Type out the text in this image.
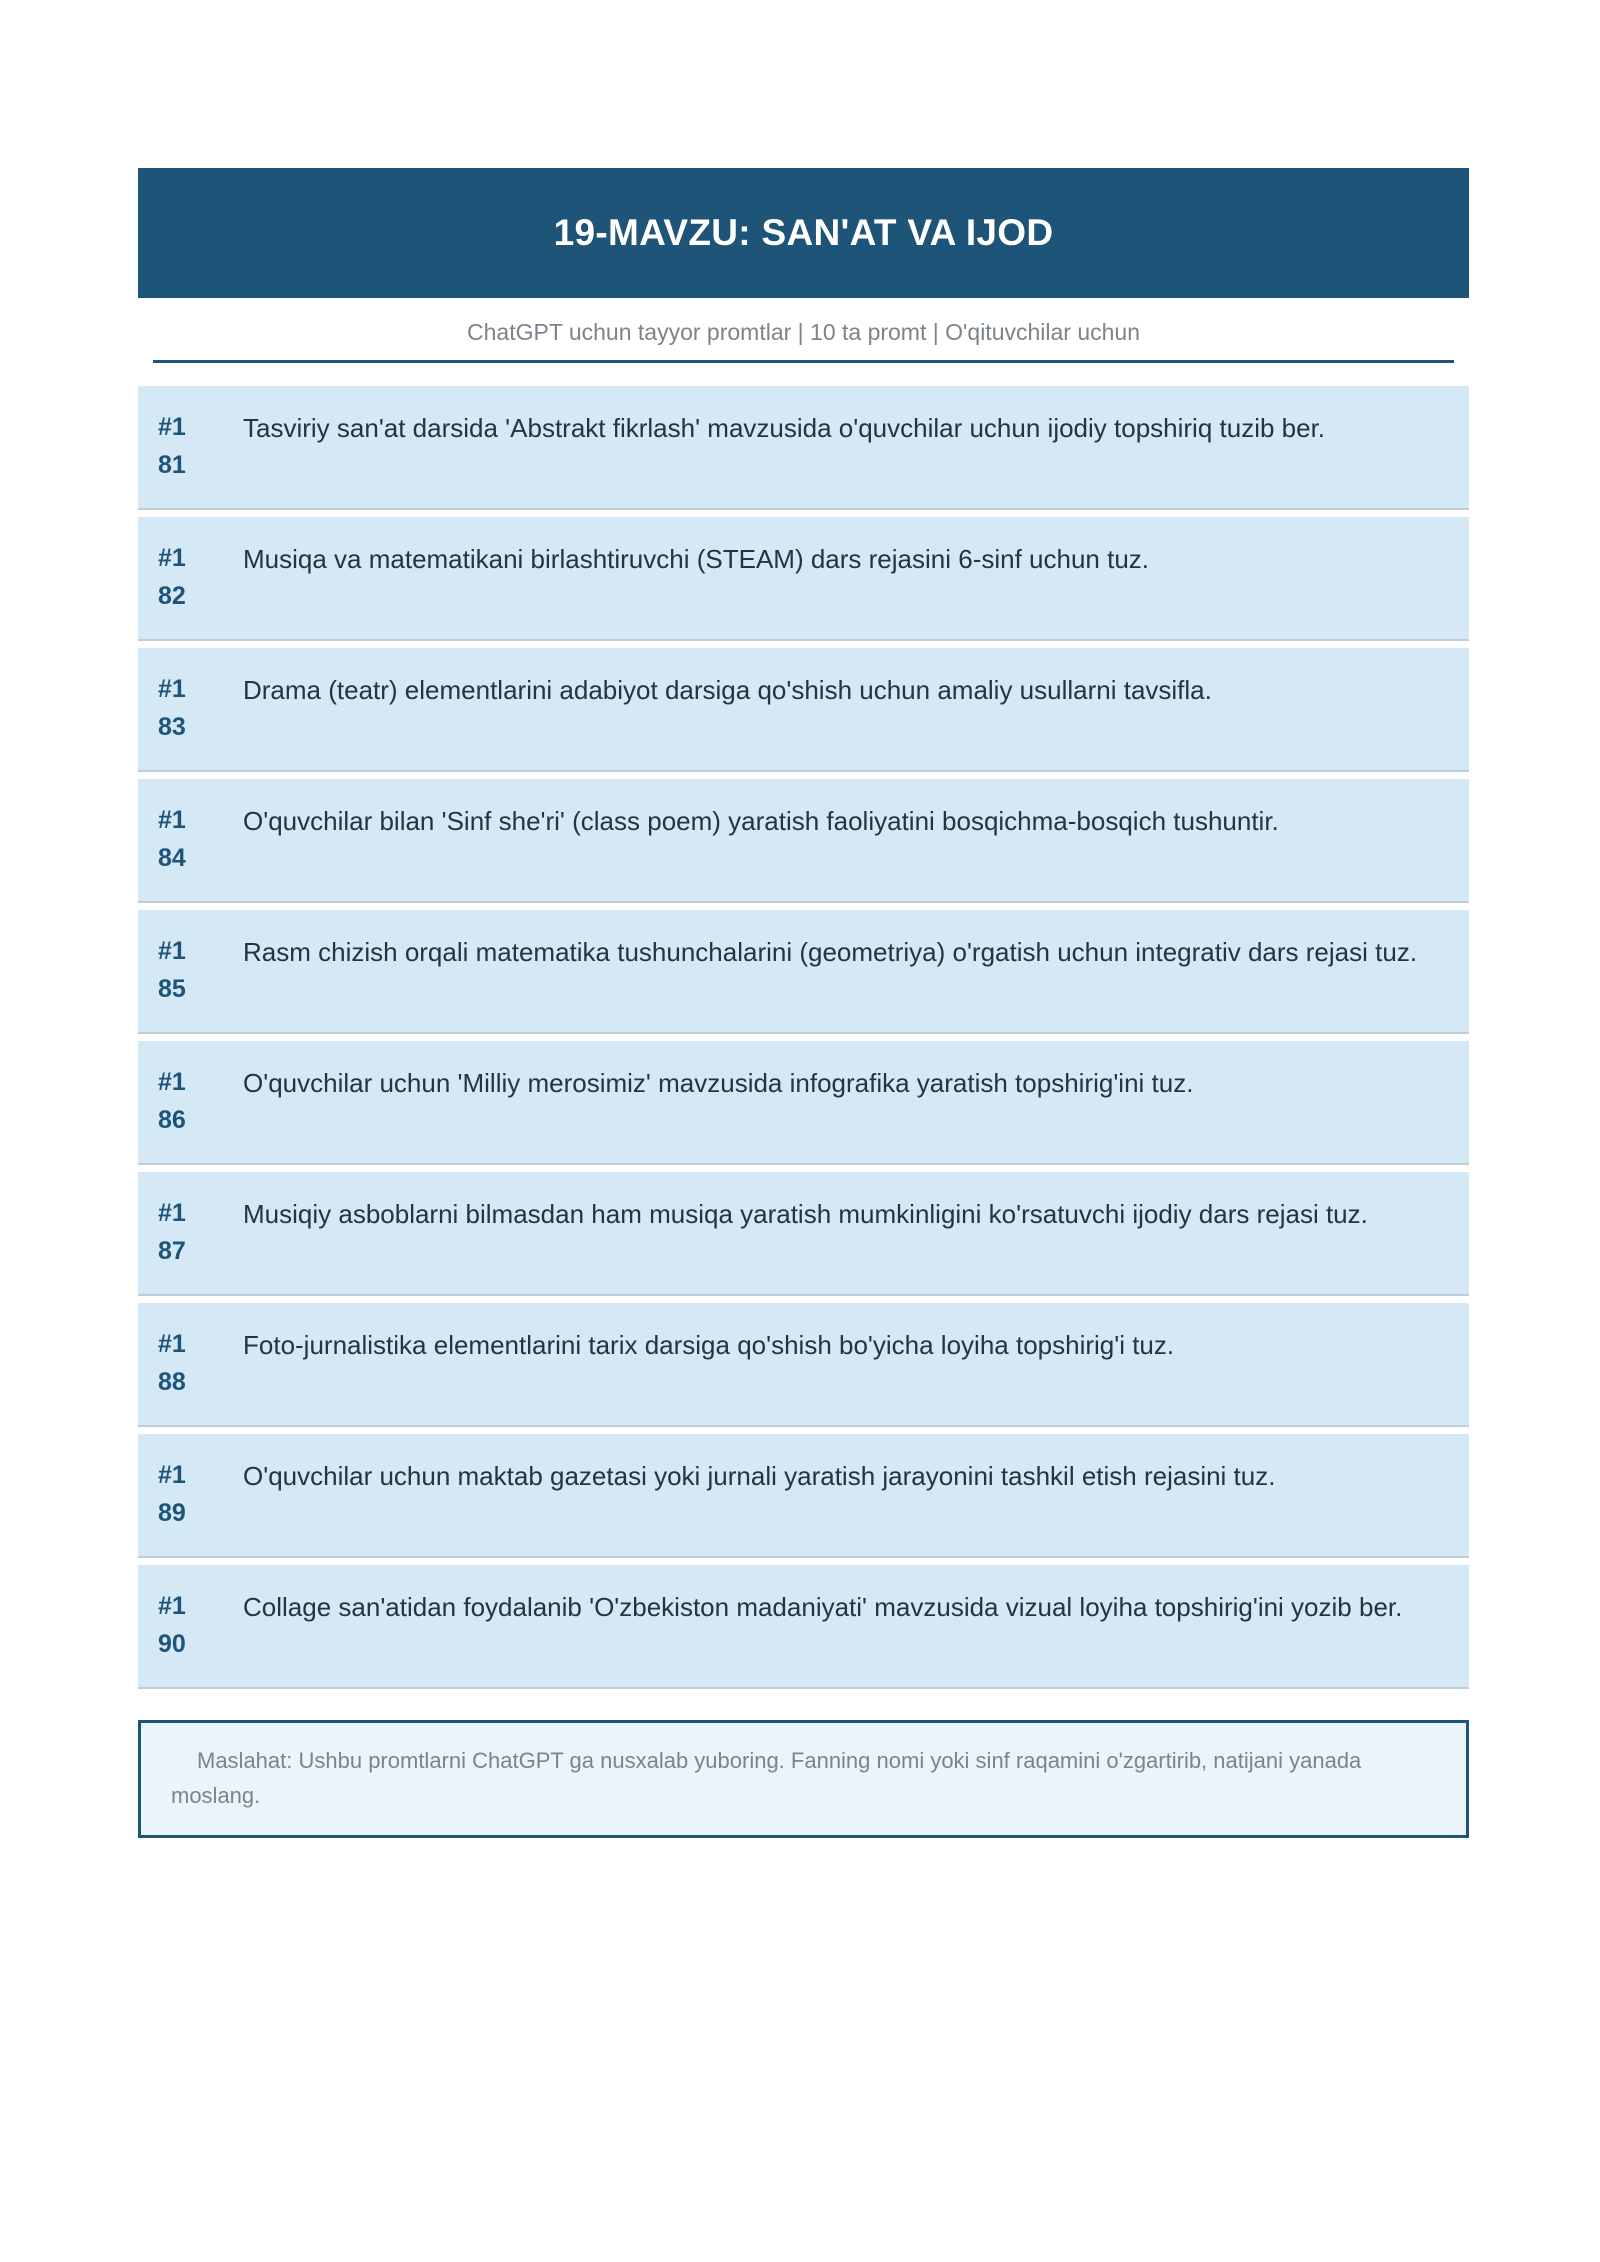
19-MAVZU: SAN'AT VA IJOD
ChatGPT uchun tayyor promtlar | 10 ta promt | O'qituvchilar uchun
#1
81
Tasviriy san'at darsida 'Abstrakt fikrlash' mavzusida o'quvchilar uchun ijodiy topshiriq tuzib ber.
#1
82
Musiqa va matematikani birlashtiruvchi (STEAM) dars rejasini 6-sinf uchun tuz.
#1
83
Drama (teatr) elementlarini adabiyot darsiga qo'shish uchun amaliy usullarni tavsifla.
#1
84
O'quvchilar bilan 'Sinf she'ri' (class poem) yaratish faoliyatini bosqichma-bosqich tushuntir.
#1
85
Rasm chizish orqali matematika tushunchalarini (geometriya) o'rgatish uchun integrativ dars rejasi tuz.
#1
86
O'quvchilar uchun 'Milliy merosimiz' mavzusida infografika yaratish topshirig'ini tuz.
#1
87
Musiqiy asboblarni bilmasdan ham musiqa yaratish mumkinligini ko'rsatuvchi ijodiy dars rejasi tuz.
#1
88
Foto-jurnalistika elementlarini tarix darsiga qo'shish bo'yicha loyiha topshirig'i tuz.
#1
89
O'quvchilar uchun maktab gazetasi yoki jurnali yaratish jarayonini tashkil etish rejasini tuz.
#1
90
Collage san'atidan foydalanib 'O'zbekiston madaniyati' mavzusida vizual loyiha topshirig'ini yozib ber.
Maslahat: Ushbu promtlarni ChatGPT ga nusxalab yuboring. Fanning nomi yoki sinf raqamini o'zgartirib, natijani yanada moslang.
